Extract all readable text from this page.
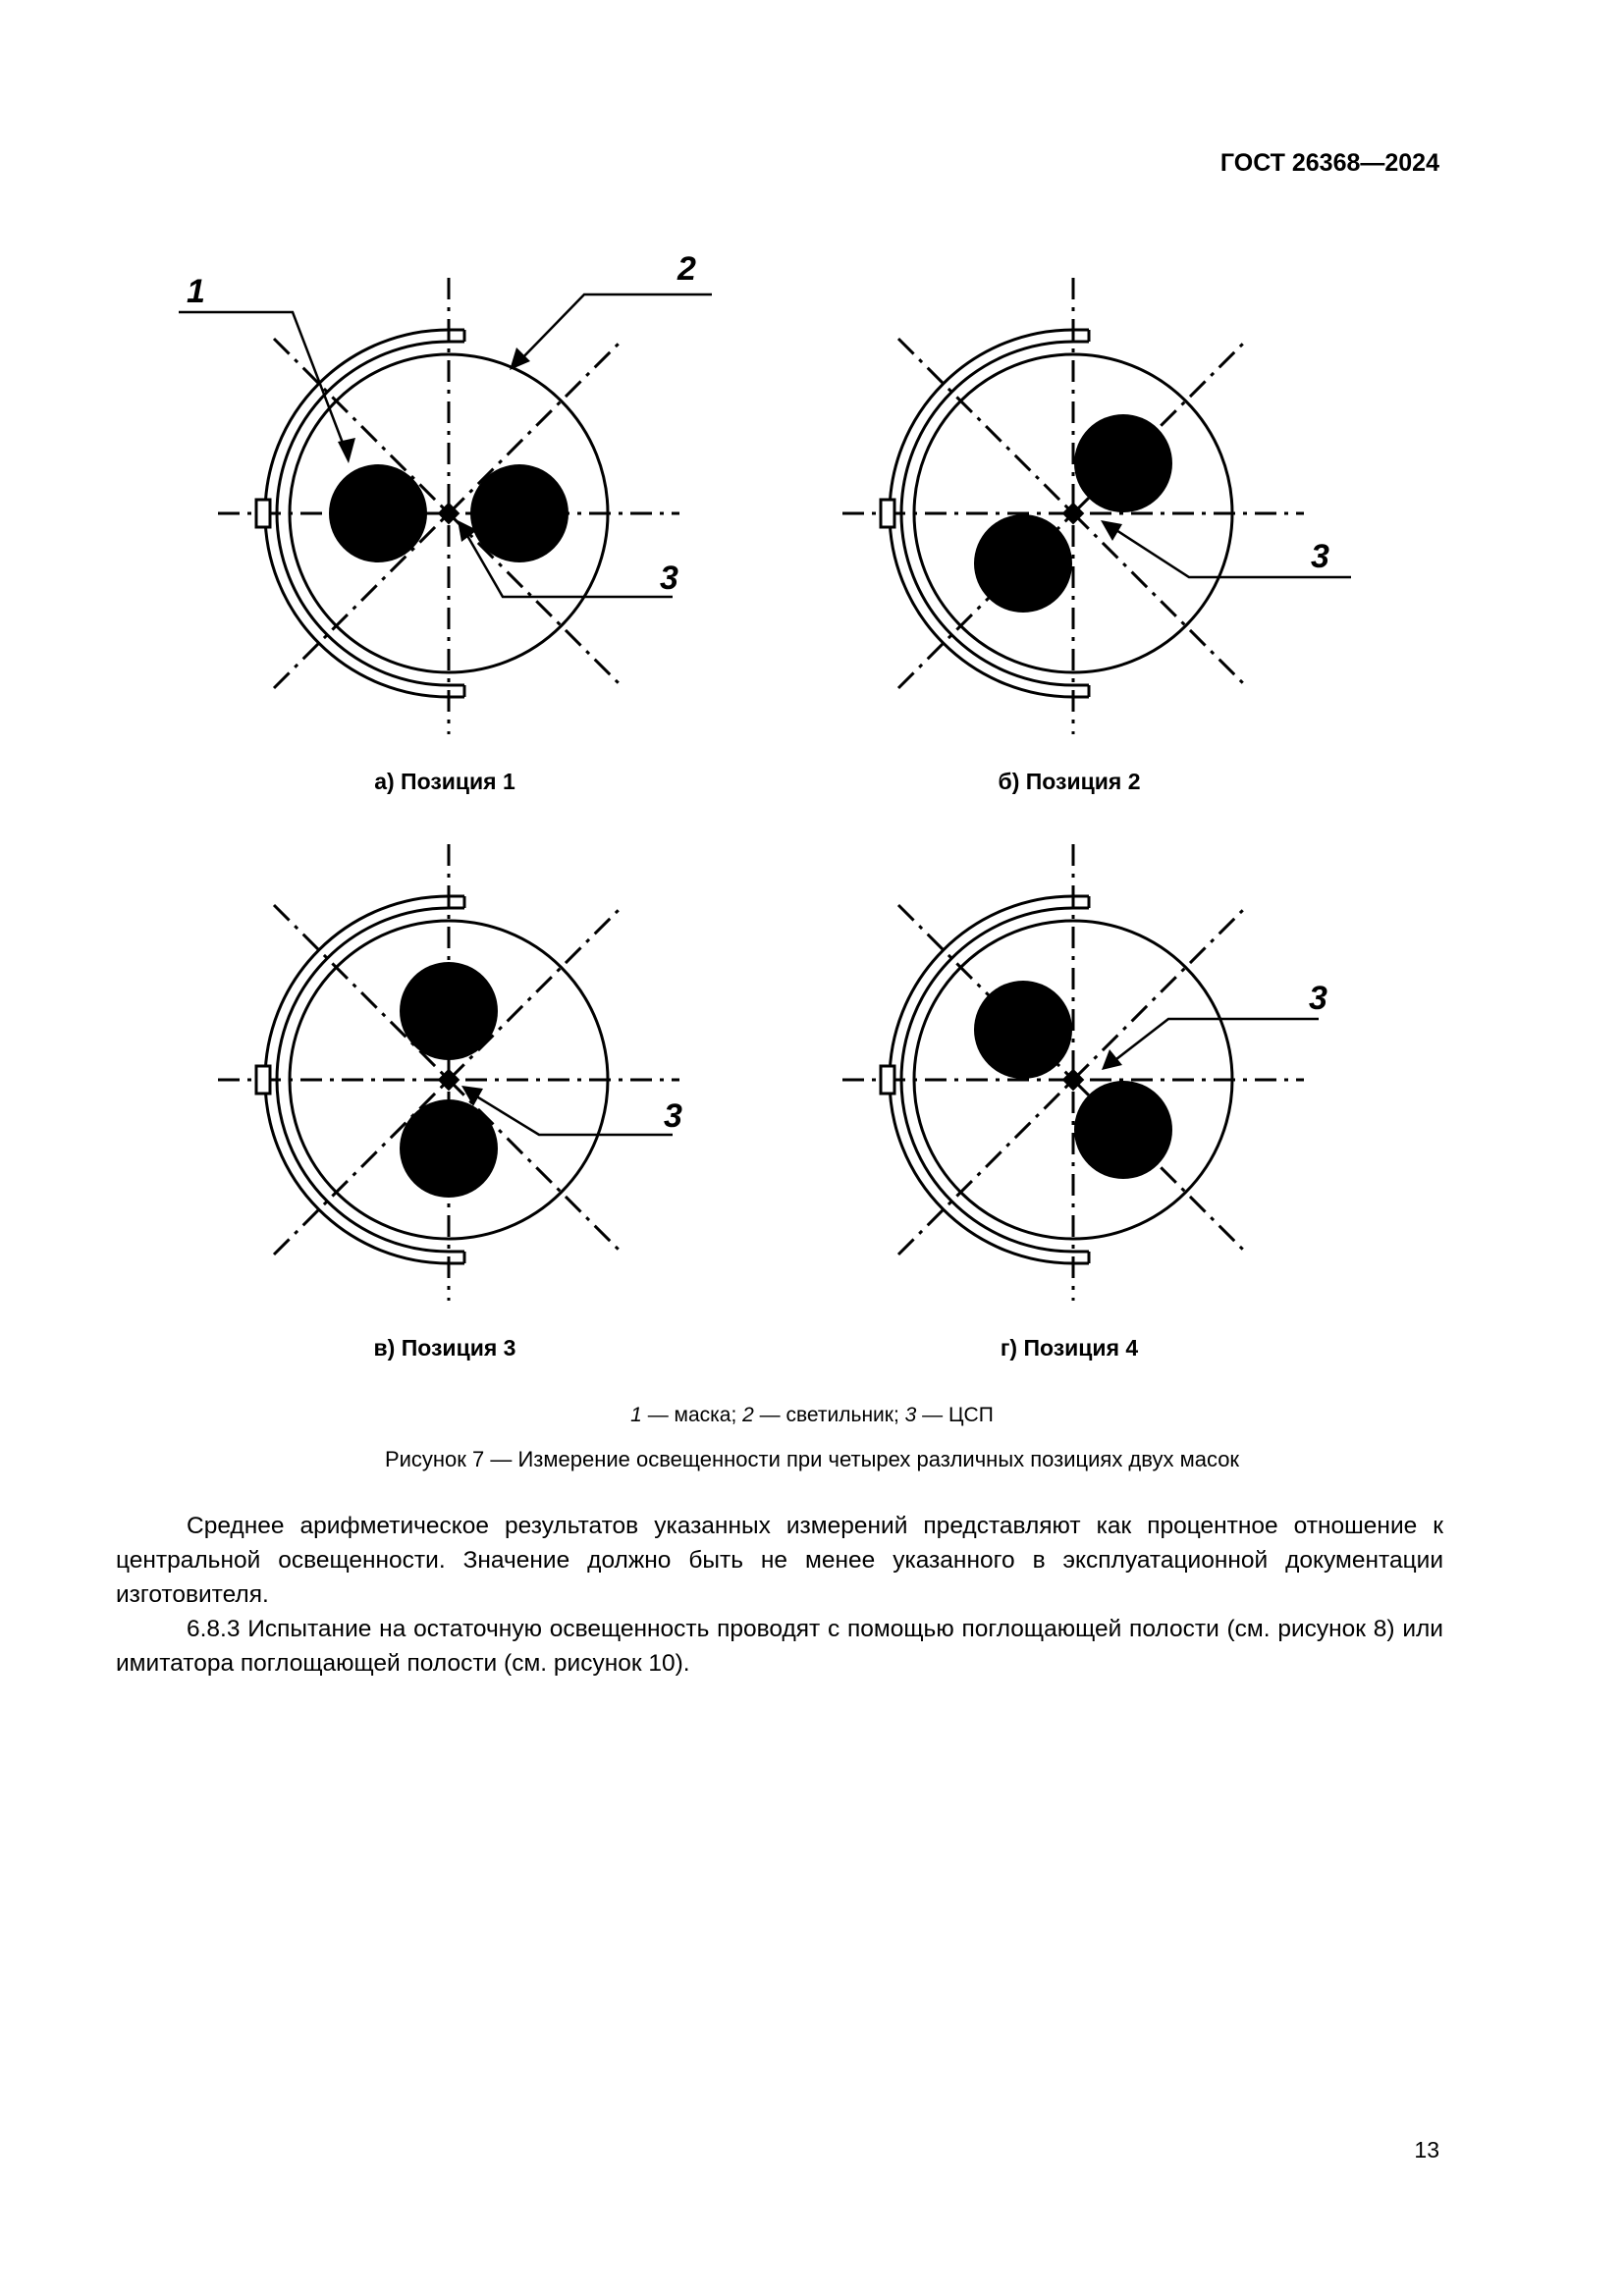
ГОСТ 26368—2024
1
2
3
3
3
3
а) Позиция 1	б) Позиция 2
в) Позиция 3	г) Позиция 4
1 — маска; 2 — светильник; 3 — ЦСП
Рисунок 7 — Измерение освещенности при четырех различных позициях двух масок
Среднее арифметическое результатов указанных измерений представляют как процентное отношение к центральной освещенности. Значение должно быть не менее указанного в эксплуатационной документации изготовителя.
6.8.3 Испытание на остаточную освещенность проводят с помощью поглощающей полости (см. рисунок 8) или имитатора поглощающей полости (см. рисунок 10).
13
